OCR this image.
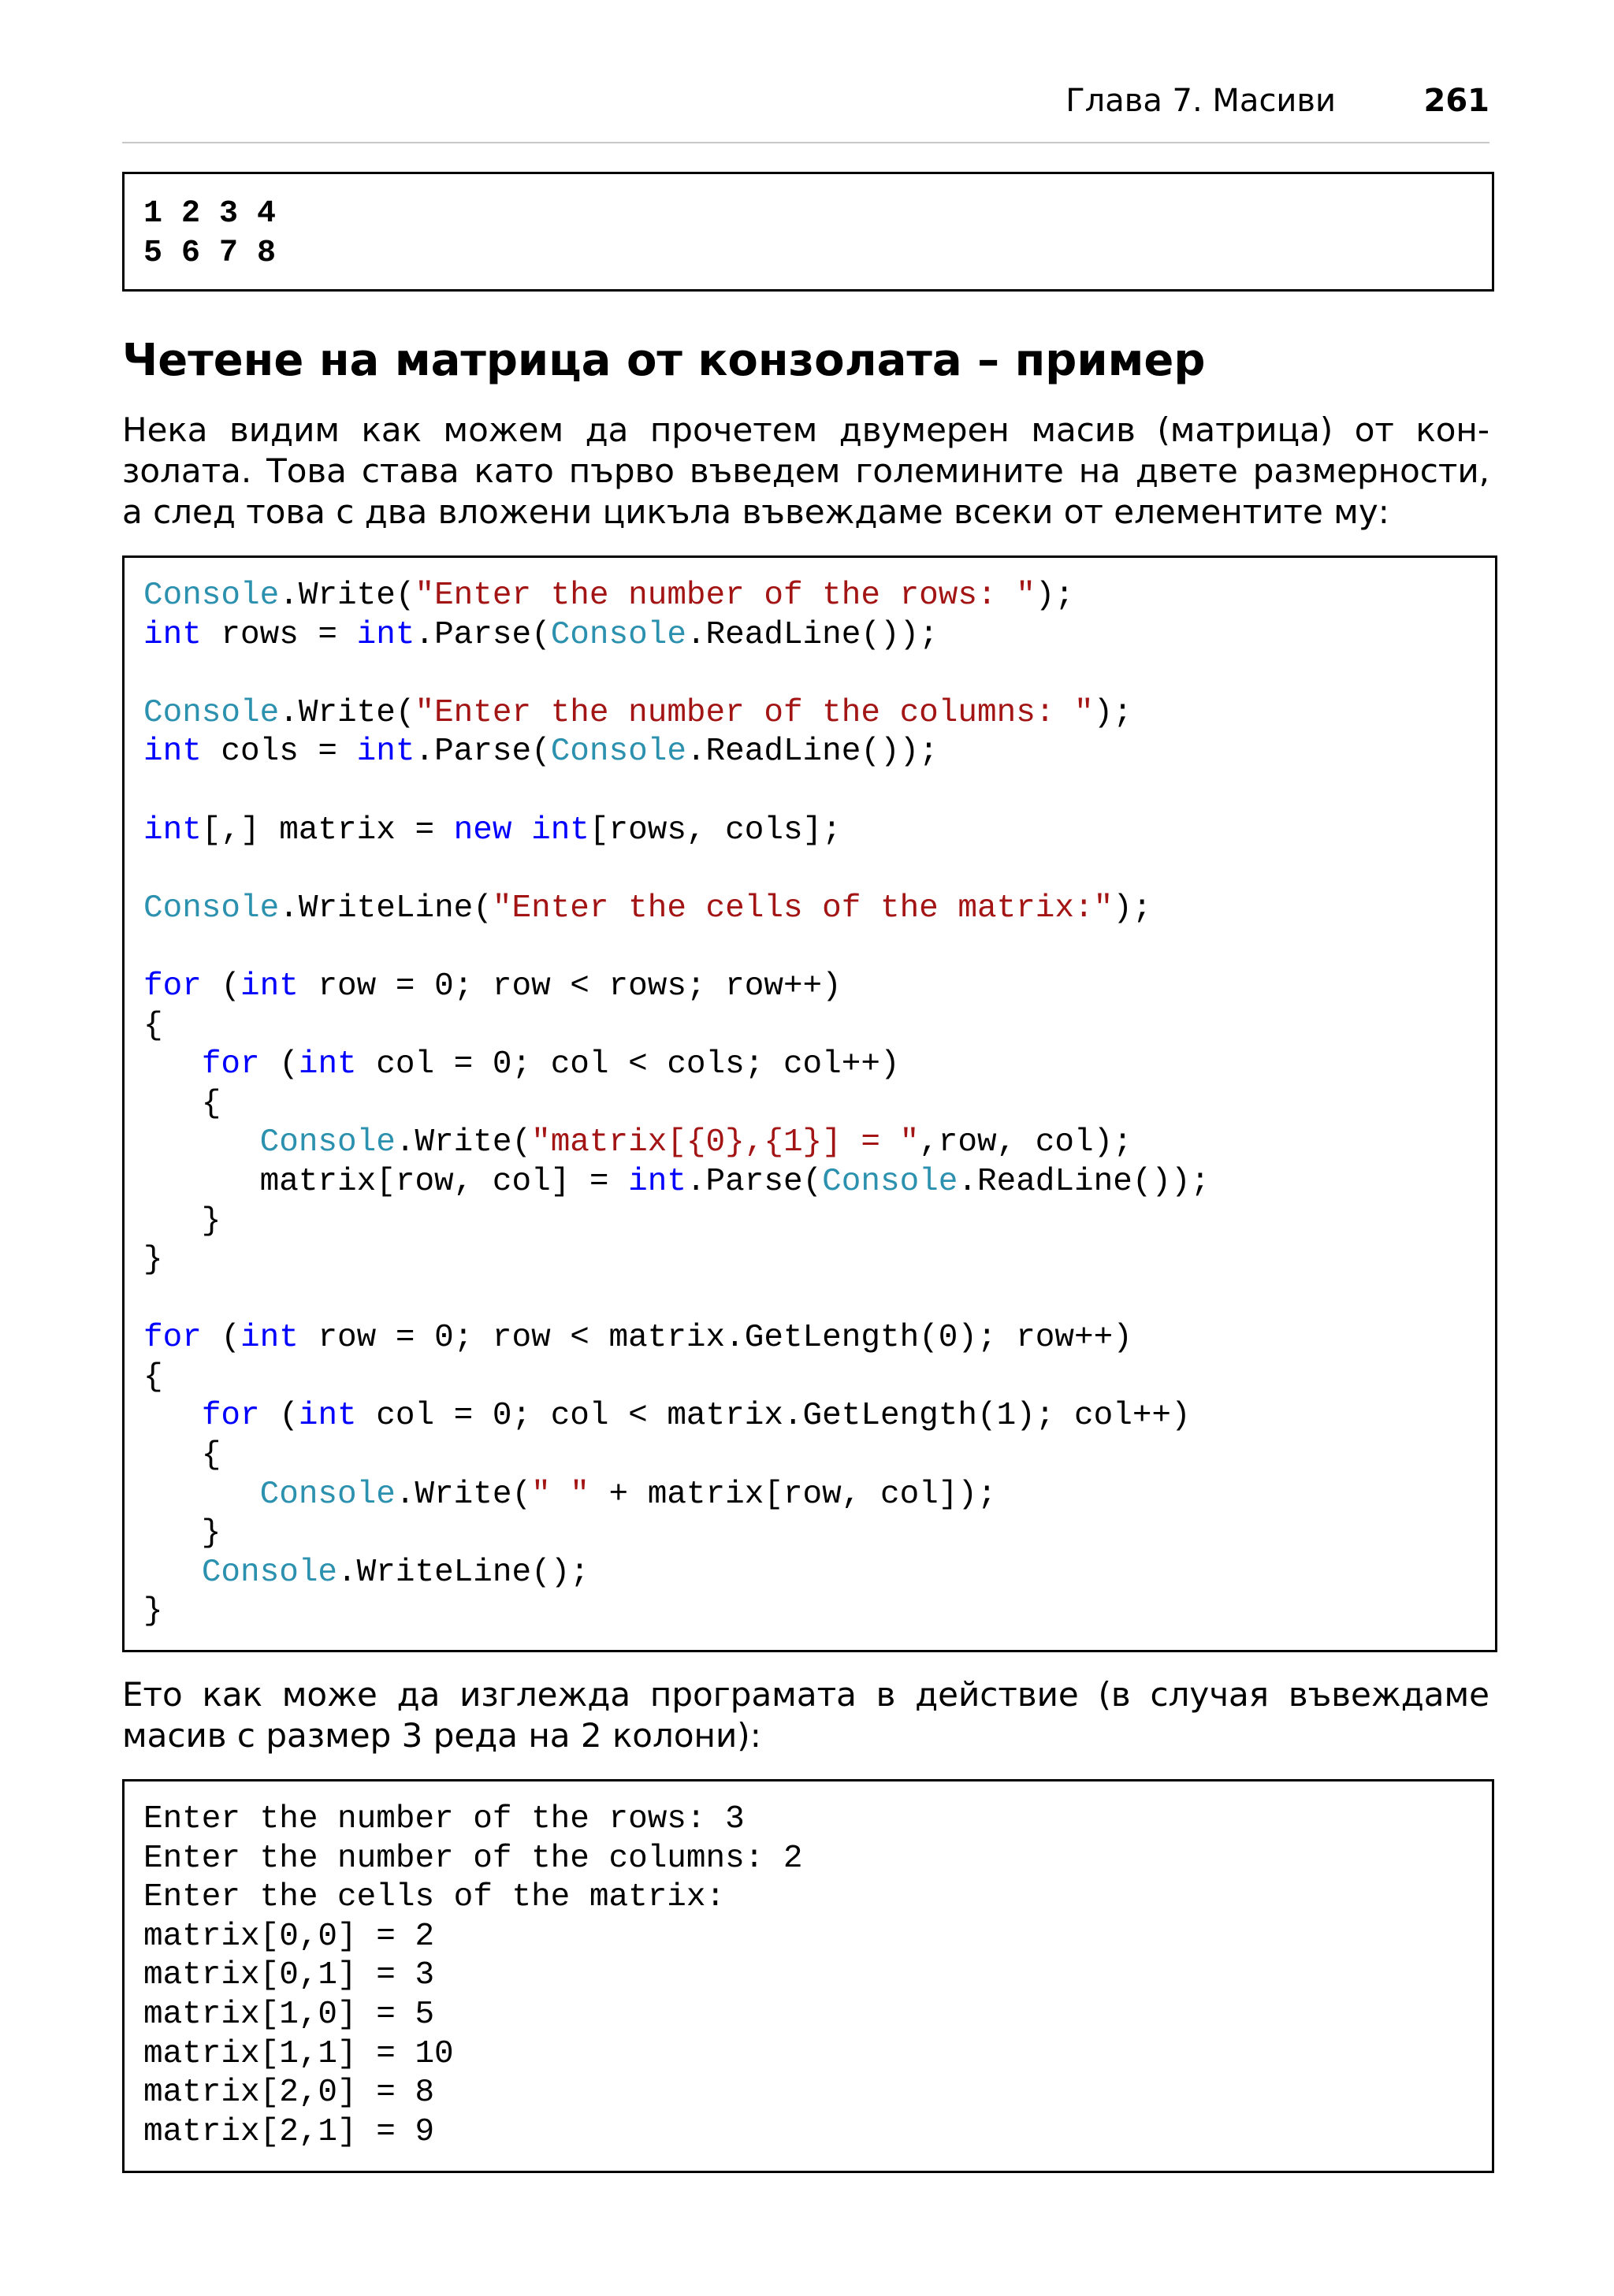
Глава 7. Масиви	261
1 2 3 4
5 6 7 8
Четене на матрица от конзолата – пример

Нека видим как можем да прочетем двумерен масив (матрица) от кон-
золата. Това става като първо въведем големините на двете размерности,
а след това с два вложени цикъла въвеждаме всеки от елементите му:

Console.Write("Enter the number of the rows: ");
int rows = int.Parse(Console.ReadLine());
Console.Write("Enter the number of the columns: ");
int cols = int.Parse(Console.ReadLine());
int[,] matrix = new int[rows, cols];
Console.WriteLine("Enter the cells of the matrix:");
for (int row = 0; row < rows; row++)
{
for (int col = 0; col < cols; col++)
{
Console.Write("matrix[{0},{1}] = ",row, col);
matrix[row, col] = int.Parse(Console.ReadLine());
}
}
for (int row = 0; row < matrix.GetLength(0); row++)
{
for (int col = 0; col < matrix.GetLength(1); col++)
{
Console.Write(" " + matrix[row, col]);
}
Console.WriteLine();
}

Ето как може да изглежда програмата в действие (в случая въвеждаме
масив с размер 3 реда на 2 колони):

Enter the number of the rows: 3
Enter the number of the columns: 2
Enter the cells of the matrix:
matrix[0,0] = 2
matrix[0,1] = 3
matrix[1,0] = 5
matrix[1,1] = 10
matrix[2,0] = 8
matrix[2,1] = 9
